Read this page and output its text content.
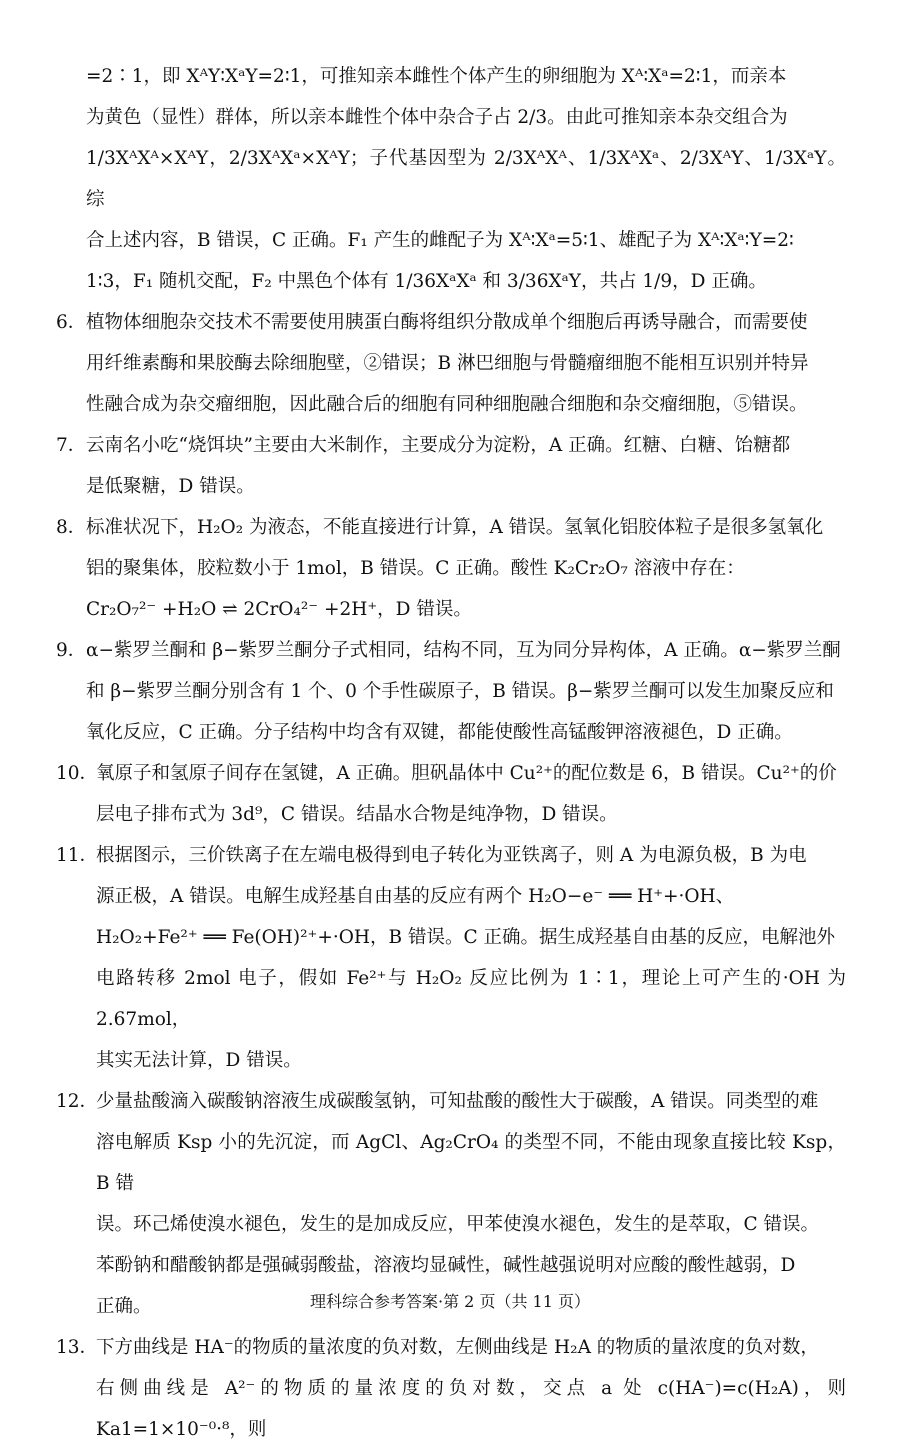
=2∶1，即 XᴬY∶XᵃY=2∶1，可推知亲本雌性个体产生的卵细胞为 Xᴬ∶Xᵃ=2∶1，而亲本

为黄色（显性）群体，所以亲本雌性个体中杂合子占 2/3。由此可推知亲本杂交组合为

1/3XᴬXᴬ×XᴬY，2/3XᴬXᵃ×XᴬY；子代基因型为 2/3XᴬXᴬ、1/3XᴬXᵃ、2/3XᴬY、1/3XᵃY。综

合上述内容，B 错误，C 正确。F₁ 产生的雌配子为 Xᴬ∶Xᵃ=5∶1、雄配子为 Xᴬ∶Xᵃ∶Y=2∶

1∶3，F₁ 随机交配，F₂ 中黑色个体有 1/36XᵃXᵃ 和 3/36XᵃY，共占 1/9，D 正确。

6． 植物体细胞杂交技术不需要使用胰蛋白酶将组织分散成单个细胞后再诱导融合，而需要使

用纤维素酶和果胶酶去除细胞壁，②错误；B 淋巴细胞与骨髓瘤细胞不能相互识别并特异

性融合成为杂交瘤细胞，因此融合后的细胞有同种细胞融合细胞和杂交瘤细胞，⑤错误。

7． 云南名小吃“烧饵块”主要由大米制作，主要成分为淀粉，A 正确。红糖、白糖、饴糖都

是低聚糖，D 错误。

8． 标准状况下，H₂O₂ 为液态，不能直接进行计算，A 错误。氢氧化铝胶体粒子是很多氢氧化

铝的聚集体，胶粒数小于 1mol，B 错误。C 正确。酸性 K₂Cr₂O₇ 溶液中存在：

Cr₂O₇²⁻ +H₂O ⇌ 2CrO₄²⁻ +2H⁺，D 错误。

9． α−紫罗兰酮和 β−紫罗兰酮分子式相同，结构不同，互为同分异构体，A 正确。α−紫罗兰酮

和 β−紫罗兰酮分别含有 1 个、0 个手性碳原子，B 错误。β−紫罗兰酮可以发生加聚反应和

氧化反应，C 正确。分子结构中均含有双键，都能使酸性高锰酸钾溶液褪色，D 正确。

10．

氧原子和氢原子间存在氢键，A 正确。胆矾晶体中 Cu²⁺的配位数是 6，B 错误。Cu²⁺的价

层电子排布式为 3d⁹，C 错误。结晶水合物是纯净物，D 错误。

11．

根据图示，三价铁离子在左端电极得到电子转化为亚铁离子，则 A 为电源负极，B 为电

源正极，A 错误。电解生成羟基自由基的反应有两个 H₂O−e⁻ ══ H⁺+·OH、

H₂O₂+Fe²⁺ ══ Fe(OH)²⁺+·OH，B 错误。C 正确。据生成羟基自由基的反应，电解池外

电路转移 2mol 电子，假如 Fe²⁺与 H₂O₂ 反应比例为 1∶1，理论上可产生的·OH 为 2.67mol，

其实无法计算，D 错误。

12．

少量盐酸滴入碳酸钠溶液生成碳酸氢钠，可知盐酸的酸性大于碳酸，A 错误。同类型的难

溶电解质 Ksp 小的先沉淀，而 AgCl、Ag₂CrO₄ 的类型不同，不能由现象直接比较 Ksp，B 错

误。环己烯使溴水褪色，发生的是加成反应，甲苯使溴水褪色，发生的是萃取，C 错误。

苯酚钠和醋酸钠都是强碱弱酸盐，溶液均显碱性，碱性越强说明对应酸的酸性越弱，D

正确。

13．

下方曲线是 HA⁻的物质的量浓度的负对数，左侧曲线是 H₂A 的物质的量浓度的负对数，

右侧曲线是 A²⁻的物质的量浓度的负对数，交点 a 处 c(HA⁻)=c(H₂A)，则 Ka1=1×10⁻⁰·⁸，则

理科综合参考答案·第 2 页（共 11 页）
